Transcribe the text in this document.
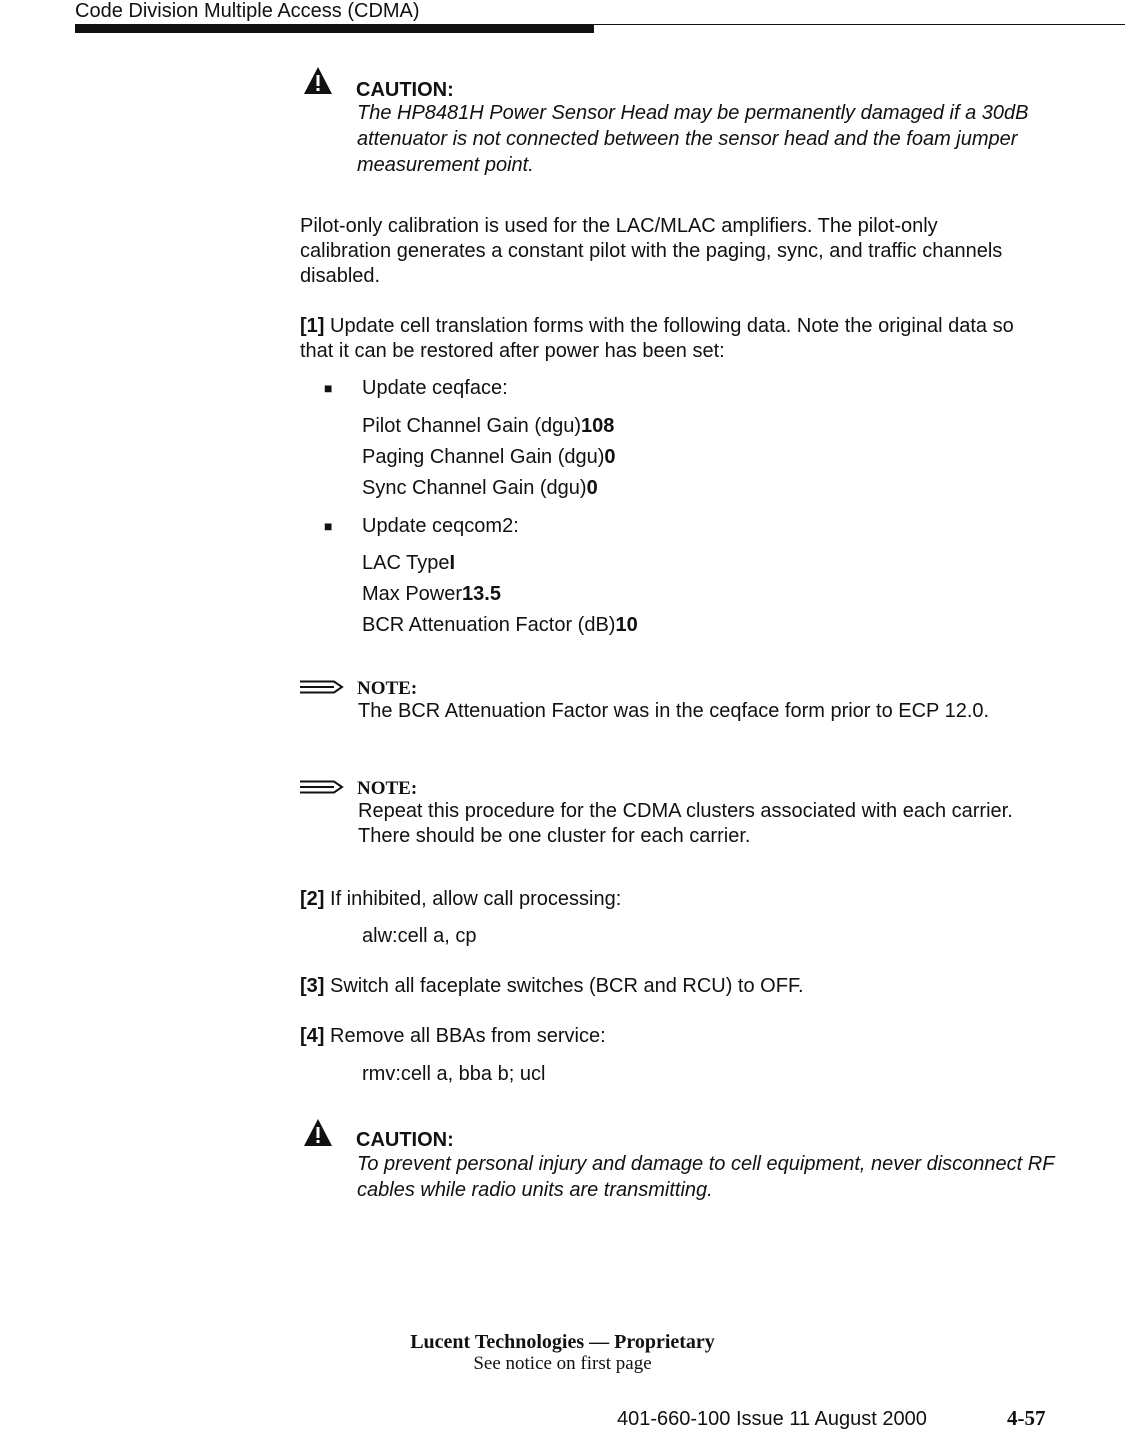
Code Division Multiple Access (CDMA)
CAUTION:
The HP8481H Power Sensor Head may be permanently damaged if a 30dB attenuator is not connected between the sensor head and the foam jumper measurement point.
Pilot-only calibration is used for the LAC/MLAC amplifiers. The pilot-only
calibration generates a constant pilot with the paging, sync, and traffic channels
disabled.
[1] Update cell translation forms with the following data. Note the original data so
that it can be restored after power has been set:
■ Update ceqface:
Pilot Channel Gain (dgu)108
Paging Channel Gain (dgu)0
Sync Channel Gain (dgu)0
■ Update ceqcom2:
LAC TypeI
Max Power13.5
BCR Attenuation Factor (dB)10
NOTE:
The BCR Attenuation Factor was in the ceqface form prior to ECP 12.0.
NOTE:
Repeat this procedure for the CDMA clusters associated with each carrier.
There should be one cluster for each carrier.
[2] If inhibited, allow call processing:
alw:cell a, cp
[3] Switch all faceplate switches (BCR and RCU) to OFF.
[4] Remove all BBAs from service:
rmv:cell a, bba b; ucl
CAUTION:
To prevent personal injury and damage to cell equipment, never disconnect RF cables while radio units are transmitting.
Lucent Technologies — Proprietary
See notice on first page
401-660-100 Issue 11 August 2000	4-57
